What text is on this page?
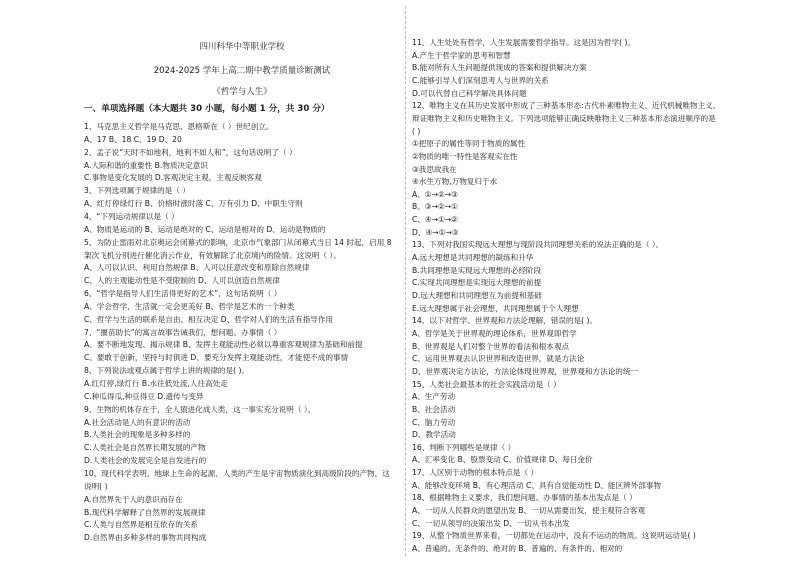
四川科华中等职业学校
2024-2025 学年上高二期中教学质量诊断测试
《哲学与人生》
一、单项选择题（本大题共 30 小题，每小题 1 分，共 30 分）
1、马克思主义哲学是马克思、恩格斯在（ ）世纪创立。
A、17 B、18 C、19 D、20
2、孟子说“天时不如地利，地利不如人和”，这句话说明了（ ）
A.人际和谐的重要性 B.物质决定意识
C.事物是变化发展的 D.客观决定主观，主观反映客观
3、下列选项属于规律的是（ ）
A、红灯停绿灯行 B、价格时涨时落 C、万有引力 D、中职生守则
4、“下列运动规律以是（ ）
A、物质是运动的 B、运动是绝对的 C、运动是相对的 D、运动是物质的
5、为防止雷雨对北京奥运会闭幕式的影响，北京市气象部门从闭幕式当日 14 时起，启用 8
架次飞机分别进行催化消云作业，有效解除了北京境内的险情。这说明（ ）。
A、人可以认识、利用自然规律 B、人可以任意改变和原除自然规律
C、人的主观能动性是不受限制的 D、人可以创造自然规律
6、“哲学是指导人们生活得更好的艺术”，这句话说明（ ）
A、学会哲学，生活就一定会更美好 B、哲学是艺术的一个种类
C、哲学与生活的联系是自由、相互决定 D、哲学对人们的生活有指导作用
7、“揠苗助长”的寓言故事告诫我们，想问题、办事情（ ）
A、要不断地发现、揭示规律 B、发挥主观能动性必须以尊重客观规律为基础和前提
C、要敢于创新，坚持与时俱进 D、要充分发挥主观能动性，才能使不成的事情
8、下列说法或观点属于哲学上讲的规律的是( )。
A.红灯停,绿灯行 B.水往低处流,人往高处走
C.种瓜得瓜,种豆得豆 D.遗传与变异
9、生物的机体存在于，全人猿进化成人类，这一事实充分说明（ ）。
A.社会活动是人的有意识的活动
B.人类社会的现象是多种多样的
C.人类社会是自然界长期发展的产物
D.人类社会的发展完全是自发进行的
10、现代科学表明，地球上生命的起源、人类的产生是宇宙物质演化到高级阶段的产物，这
说明( )
A.自然界先于人的意识而存在
B.现代科学解释了自然界的发展规律
C.人类与自然界是相互依存的关系
D.自然界由多种多样的事物共同构成
11、人生处处有哲学，人生发展需要哲学指导。这是因为哲学( )。
A.产生于哲学家的思考和智慧
B.能对所有人生问题提供现成的答案和提供解决方案
C.能够引导人们深刻思考人与世界的关系
D.可以代替自己科学解决具体问题
12、唯物主义在其历史发展中形成了三种基本形态:古代朴素唯物主义、近代机械唯物主义、
辩证唯物主义和历史唯物主义。下列选项能够正确反映唯物主义三种基本形态演进顺序的是
( )
①把原子的属性等同于物质的属性
②物质的唯一特性是客观实在性
③我思故我在
④水生万物,万物复归于水
A、①→②→③
B、③→②→①
C、④→①→②
D、④→①→③
13、下列对我国实现远大理想与现阶段共同理想关系的说法正确的是（ ）。
A.远大理想是共同理想的凝练和升华
B.共同理想是实现远大理想的必经阶段
C.实现共同理想是实现远大理想的前提
D.远大理想和共同理想互为前提和基础
E.远大理想属于社会理想，共同理想属于个人理想
14、以下对哲学、世界观和方法论理解，错误的是( )。
A、哲学是关于世界观的理论体系，世界观即哲学
B、世界观是人们对整个世界的看法和根本观点
C、运用世界观去认识世界和改造世界，就是方法论
D、世界观决定方法论，方法论体现世界观，世界观和方法论的统一
15、人类社会最基本的社会实践活动是（ ）
A、生产劳动
B、社会活动
C、脑力劳动
D、教学活动
16、判断下列哪些是规律（ ）
A、汇率变化 B、股票变动 C、价值规律 D、每日金价
17、人区别于动物的根本特点是（ ）
A、能够改变环境 B、有心理活动 C、具有自觉能动性 D、能区辨外部事物
18、根据唯物主义要求，我们想问题、办事情的基本出发点是（ ）
A、一切从人民群众的愿望出发 B、一切从需要出发，使主观符合客观
C、一切从领导的决策出发 D、一切从书本出发
19、从整个物质世界来看，一切都处在运动中，没有不运动的物质。这说明运动是( )
A、普遍的、无条件的、绝对的 B、普遍的、有条件的、相对的
